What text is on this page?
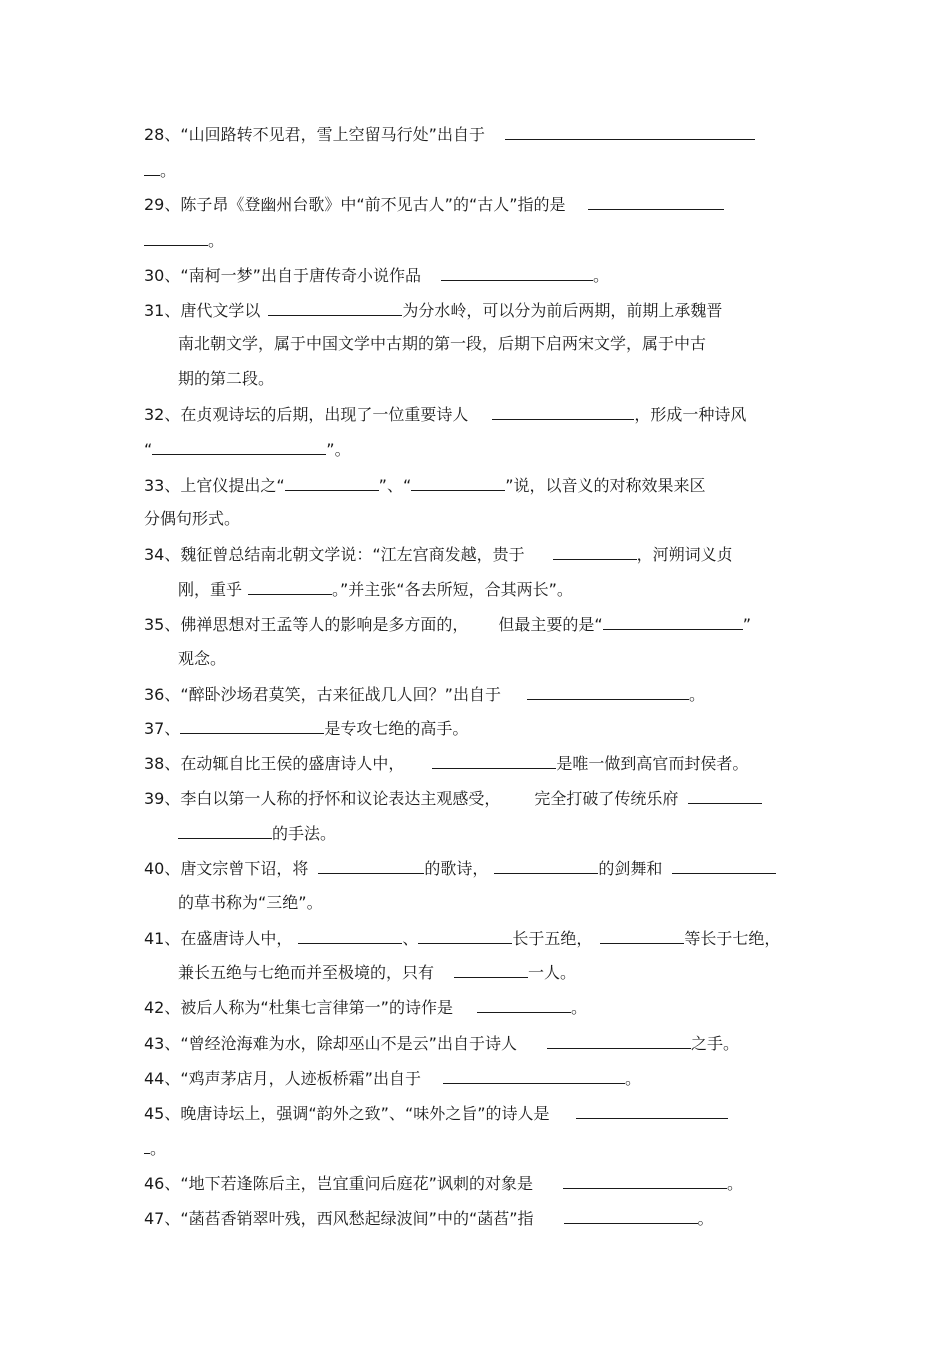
28、“山回路转不见君，雪上空留马行处”出自于
。
29、陈子昂《登幽州台歌》中“前不见古人”的“古人”指的是
。
30、“南柯一梦”出自于唐传奇小说作品	。
31、唐代文学以	为分水岭，可以分为前后两期，前期上承魏晋
南北朝文学，属于中国文学中古期的第一段，后期下启两宋文学，属于中古
期的第二段。
32、在贞观诗坛的后期，出现了一位重要诗人	，形成一种诗风
“	”。
33、上官仪提出之“	”、“	”说，以音义的对称效果来区
分偶句形式。
34、魏征曾总结南北朝文学说：“江左宫商发越，贵于	，河朔词义贞
刚，重乎	。”并主张“各去所短，合其两长”。
35、佛禅思想对王孟等人的影响是多方面的， 但最主要的是“	”
观念。
36、“醉卧沙场君莫笑，古来征战几人回？”出自于	。
37、	是专攻七绝的高手。
38、在动辄自比王侯的盛唐诗人中，	是唯一做到高官而封侯者。
39、李白以第一人称的抒怀和议论表达主观感受， 完全打破了传统乐府
的手法。
40、唐文宗曾下诏，将	的歌诗，	的剑舞和
的草书称为“三绝”。
41、在盛唐诗人中，	、	长于五绝，	等长于七绝，
兼长五绝与七绝而并至极境的，只有	一人。
42、被后人称为“杜集七言律第一”的诗作是	。
43、“曾经沧海难为水，除却巫山不是云”出自于诗人	之手。
44、“鸡声茅店月，人迹板桥霜”出自于	。
45、晚唐诗坛上，强调“韵外之致”、“味外之旨”的诗人是
。
46、“地下若逢陈后主，岂宜重问后庭花”讽刺的对象是	。
47、“菡萏香销翠叶残，西风愁起绿波间”中的“菡萏”指	。
